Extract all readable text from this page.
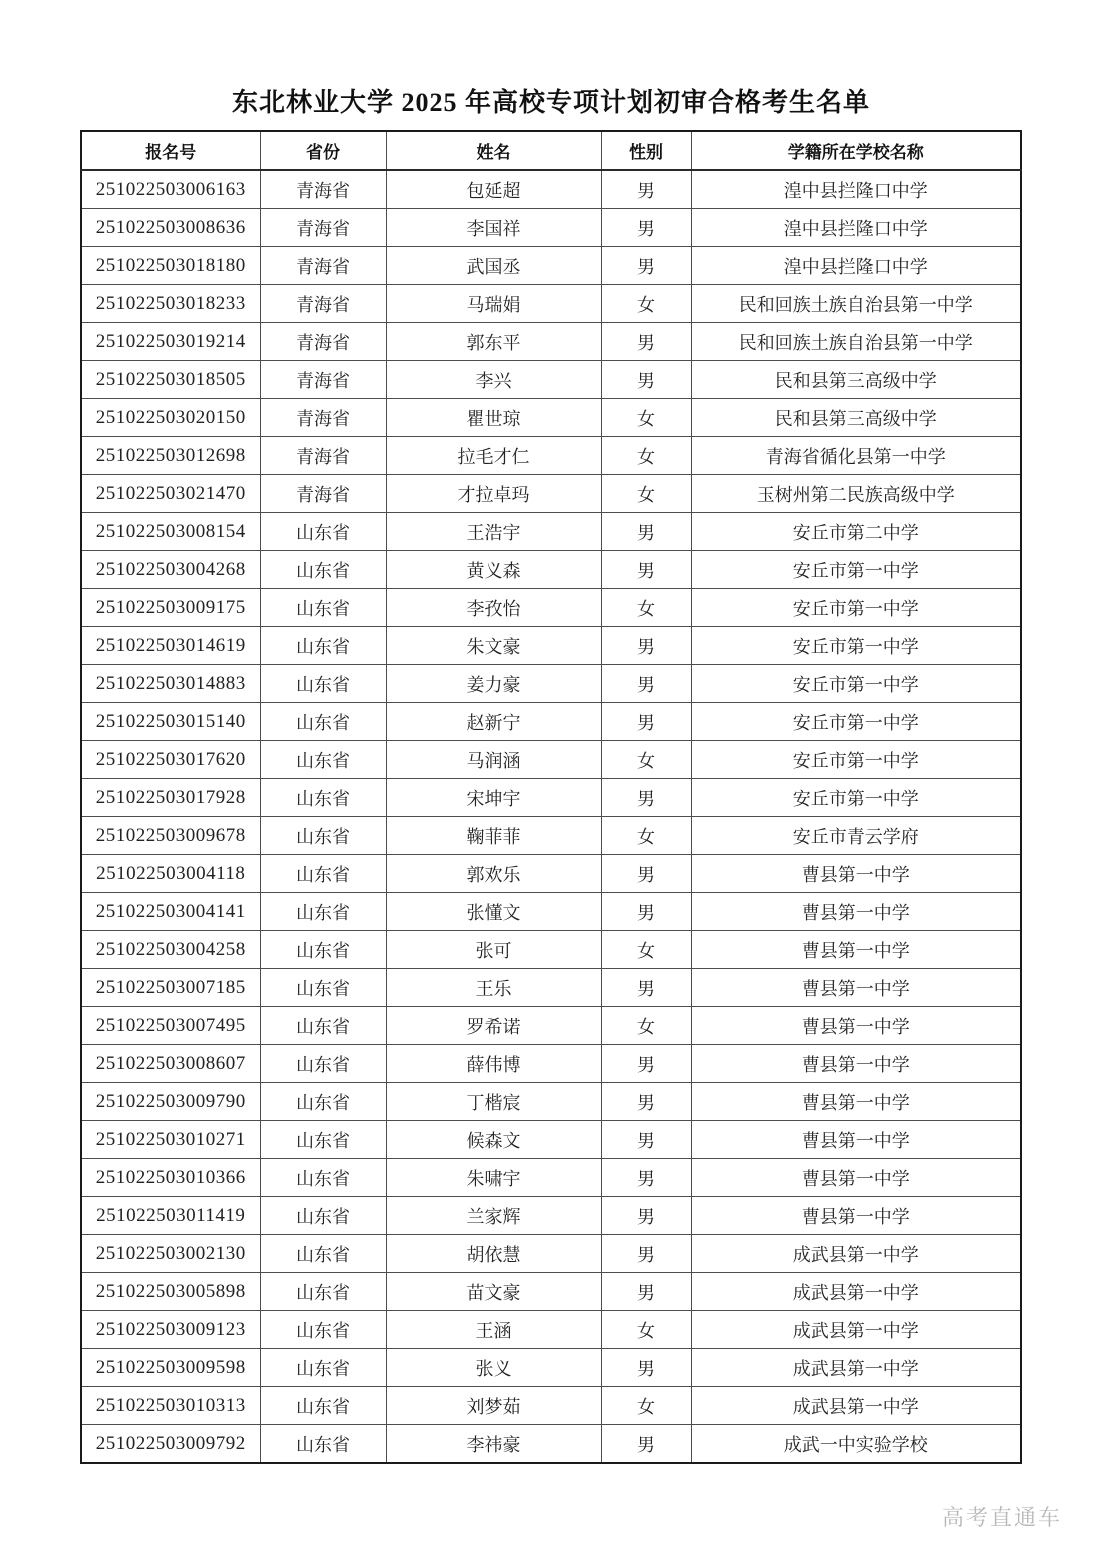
东北林业大学 2025 年高校专项计划初审合格考生名单
报名号	省份	姓名	性别	学籍所在学校名称
251022503006163	青海省	包延超	男	湟中县拦隆口中学
251022503008636	青海省	李国祥	男	湟中县拦隆口中学
251022503018180	青海省	武国丞	男	湟中县拦隆口中学
251022503018233	青海省	马瑞娟	女	民和回族土族自治县第一中学
251022503019214	青海省	郭东平	男	民和回族土族自治县第一中学
251022503018505	青海省	李兴	男	民和县第三高级中学
251022503020150	青海省	瞿世琼	女	民和县第三高级中学
251022503012698	青海省	拉毛才仁	女	青海省循化县第一中学
251022503021470	青海省	才拉卓玛	女	玉树州第二民族高级中学
251022503008154	山东省	王浩宇	男	安丘市第二中学
251022503004268	山东省	黄义森	男	安丘市第一中学
251022503009175	山东省	李孜怡	女	安丘市第一中学
251022503014619	山东省	朱文豪	男	安丘市第一中学
251022503014883	山东省	姜力豪	男	安丘市第一中学
251022503015140	山东省	赵新宁	男	安丘市第一中学
251022503017620	山东省	马润涵	女	安丘市第一中学
251022503017928	山东省	宋坤宇	男	安丘市第一中学
251022503009678	山东省	鞠菲菲	女	安丘市青云学府
251022503004118	山东省	郭欢乐	男	曹县第一中学
251022503004141	山东省	张懂文	男	曹县第一中学
251022503004258	山东省	张可	女	曹县第一中学
251022503007185	山东省	王乐	男	曹县第一中学
251022503007495	山东省	罗希诺	女	曹县第一中学
251022503008607	山东省	薛伟博	男	曹县第一中学
251022503009790	山东省	丁楷宸	男	曹县第一中学
251022503010271	山东省	候森文	男	曹县第一中学
251022503010366	山东省	朱啸宇	男	曹县第一中学
251022503011419	山东省	兰家辉	男	曹县第一中学
251022503002130	山东省	胡依慧	男	成武县第一中学
251022503005898	山东省	苗文豪	男	成武县第一中学
251022503009123	山东省	王涵	女	成武县第一中学
251022503009598	山东省	张义	男	成武县第一中学
251022503010313	山东省	刘梦茹	女	成武县第一中学
251022503009792	山东省	李祎豪	男	成武一中实验学校
高考直通车
